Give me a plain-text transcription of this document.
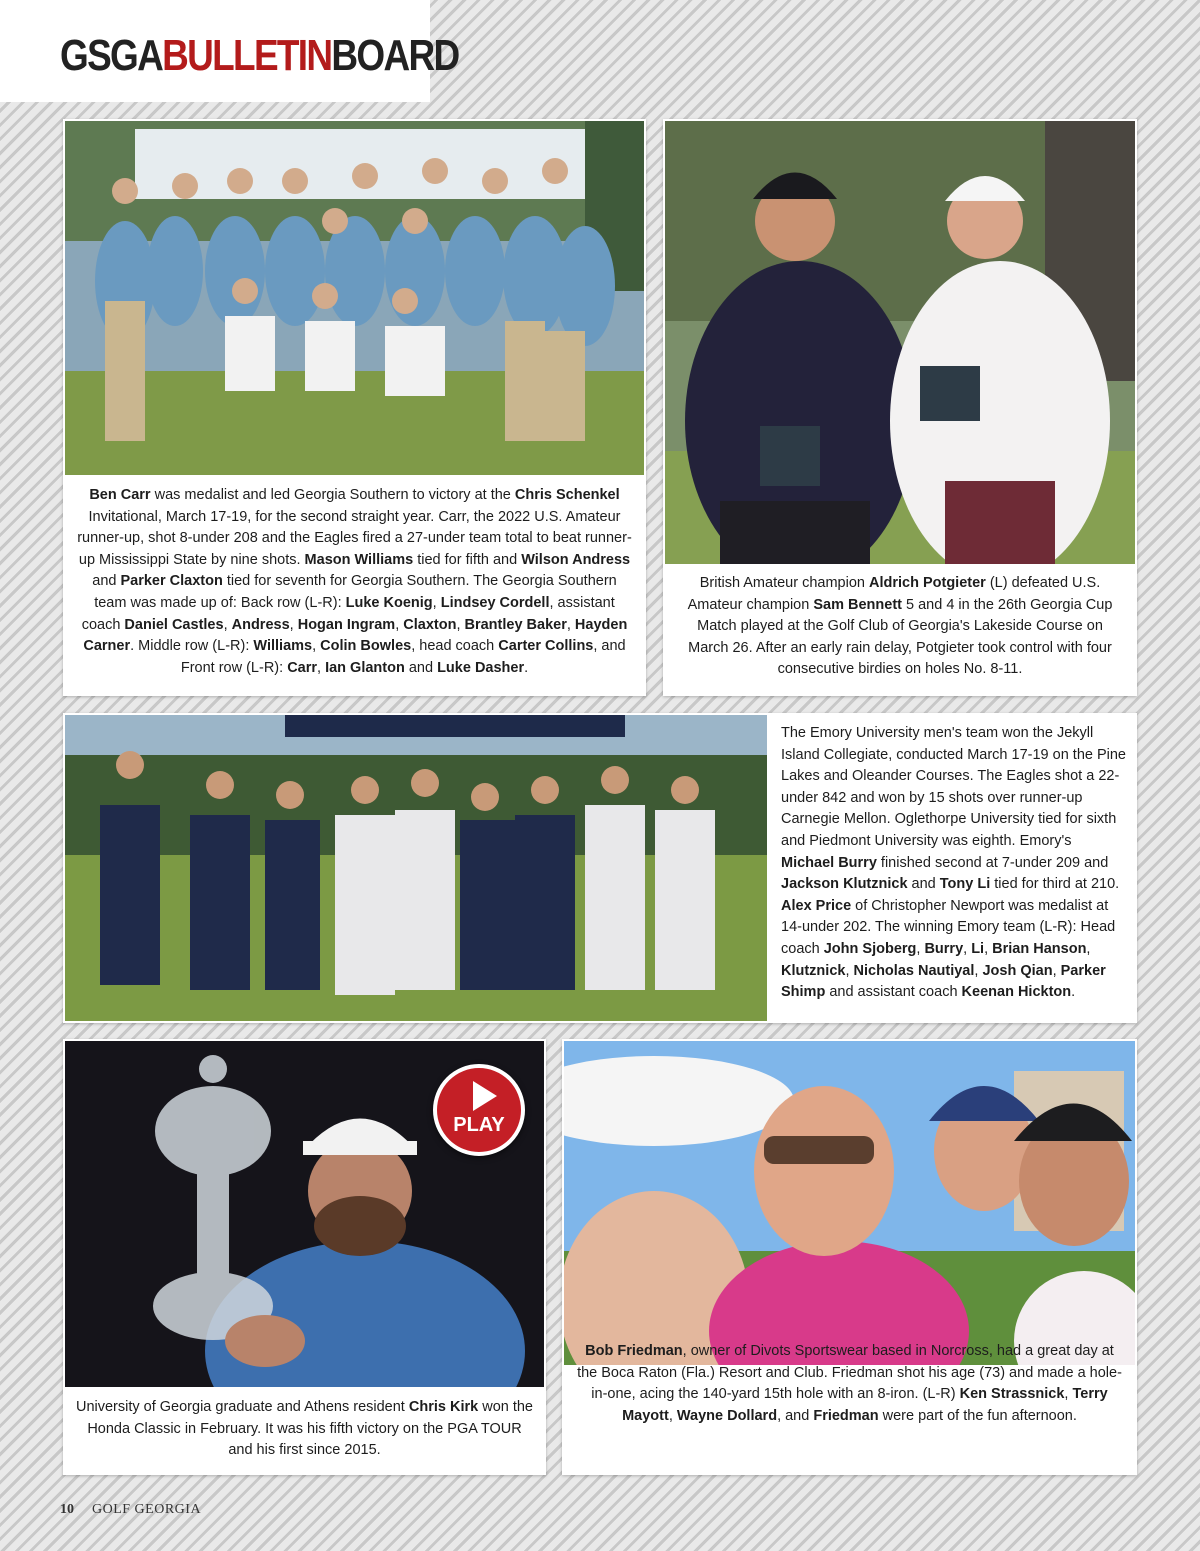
GSGABULLETINBOARD

Ben Carr was medalist and led Georgia Southern to victory at the Chris Schenkel Invitational, March 17-19, for the second straight year. Carr, the 2022 U.S. Amateur runner-up, shot 8-under 208 and the Eagles fired a 27-under team total to beat runner-up Mississippi State by nine shots. Mason Williams tied for fifth and Wilson Andress and Parker Claxton tied for seventh for Georgia Southern. The Georgia Southern team was made up of: Back row (L-R): Luke Koenig, Lindsey Cordell, assistant coach Daniel Castles, Andress, Hogan Ingram, Claxton, Brantley Baker, Hayden Carner. Middle row (L-R): Williams, Colin Bowles, head coach Carter Collins, and Front row (L-R): Carr, Ian Glanton and Luke Dasher.

British Amateur champion Aldrich Potgieter (L) defeated U.S. Amateur champion Sam Bennett 5 and 4 in the 26th Georgia Cup Match played at the Golf Club of Georgia's Lakeside Course on March 26. After an early rain delay, Potgieter took control with four consecutive birdies on holes No. 8-11.

The Emory University men's team won the Jekyll Island Collegiate, conducted March 17-19 on the Pine Lakes and Oleander Courses. The Eagles shot a 22-under 842 and won by 15 shots over runner-up Carnegie Mellon. Oglethorpe University tied for sixth and Piedmont University was eighth. Emory's Michael Burry finished second at 7-under 209 and Jackson Klutznick and Tony Li tied for third at 210. Alex Price of Christopher Newport was medalist at 14-under 202. The winning Emory team (L-R): Head coach John Sjoberg, Burry, Li, Brian Hanson, Klutznick, Nicholas Nautiyal, Josh Qian, Parker Shimp and assistant coach Keenan Hickton.

University of Georgia graduate and Athens resident Chris Kirk won the Honda Classic in February. It was his fifth victory on the PGA TOUR and his first since 2015.

PLAY

Bob Friedman, owner of Divots Sportswear based in Norcross, had a great day at the Boca Raton (Fla.) Resort and Club. Friedman shot his age (73) and made a hole-in-one, acing the 140-yard 15th hole with an 8-iron. (L-R) Ken Strassnick, Terry Mayott, Wayne Dollard, and Friedman were part of the fun afternoon.

10 GOLF GEORGIA
